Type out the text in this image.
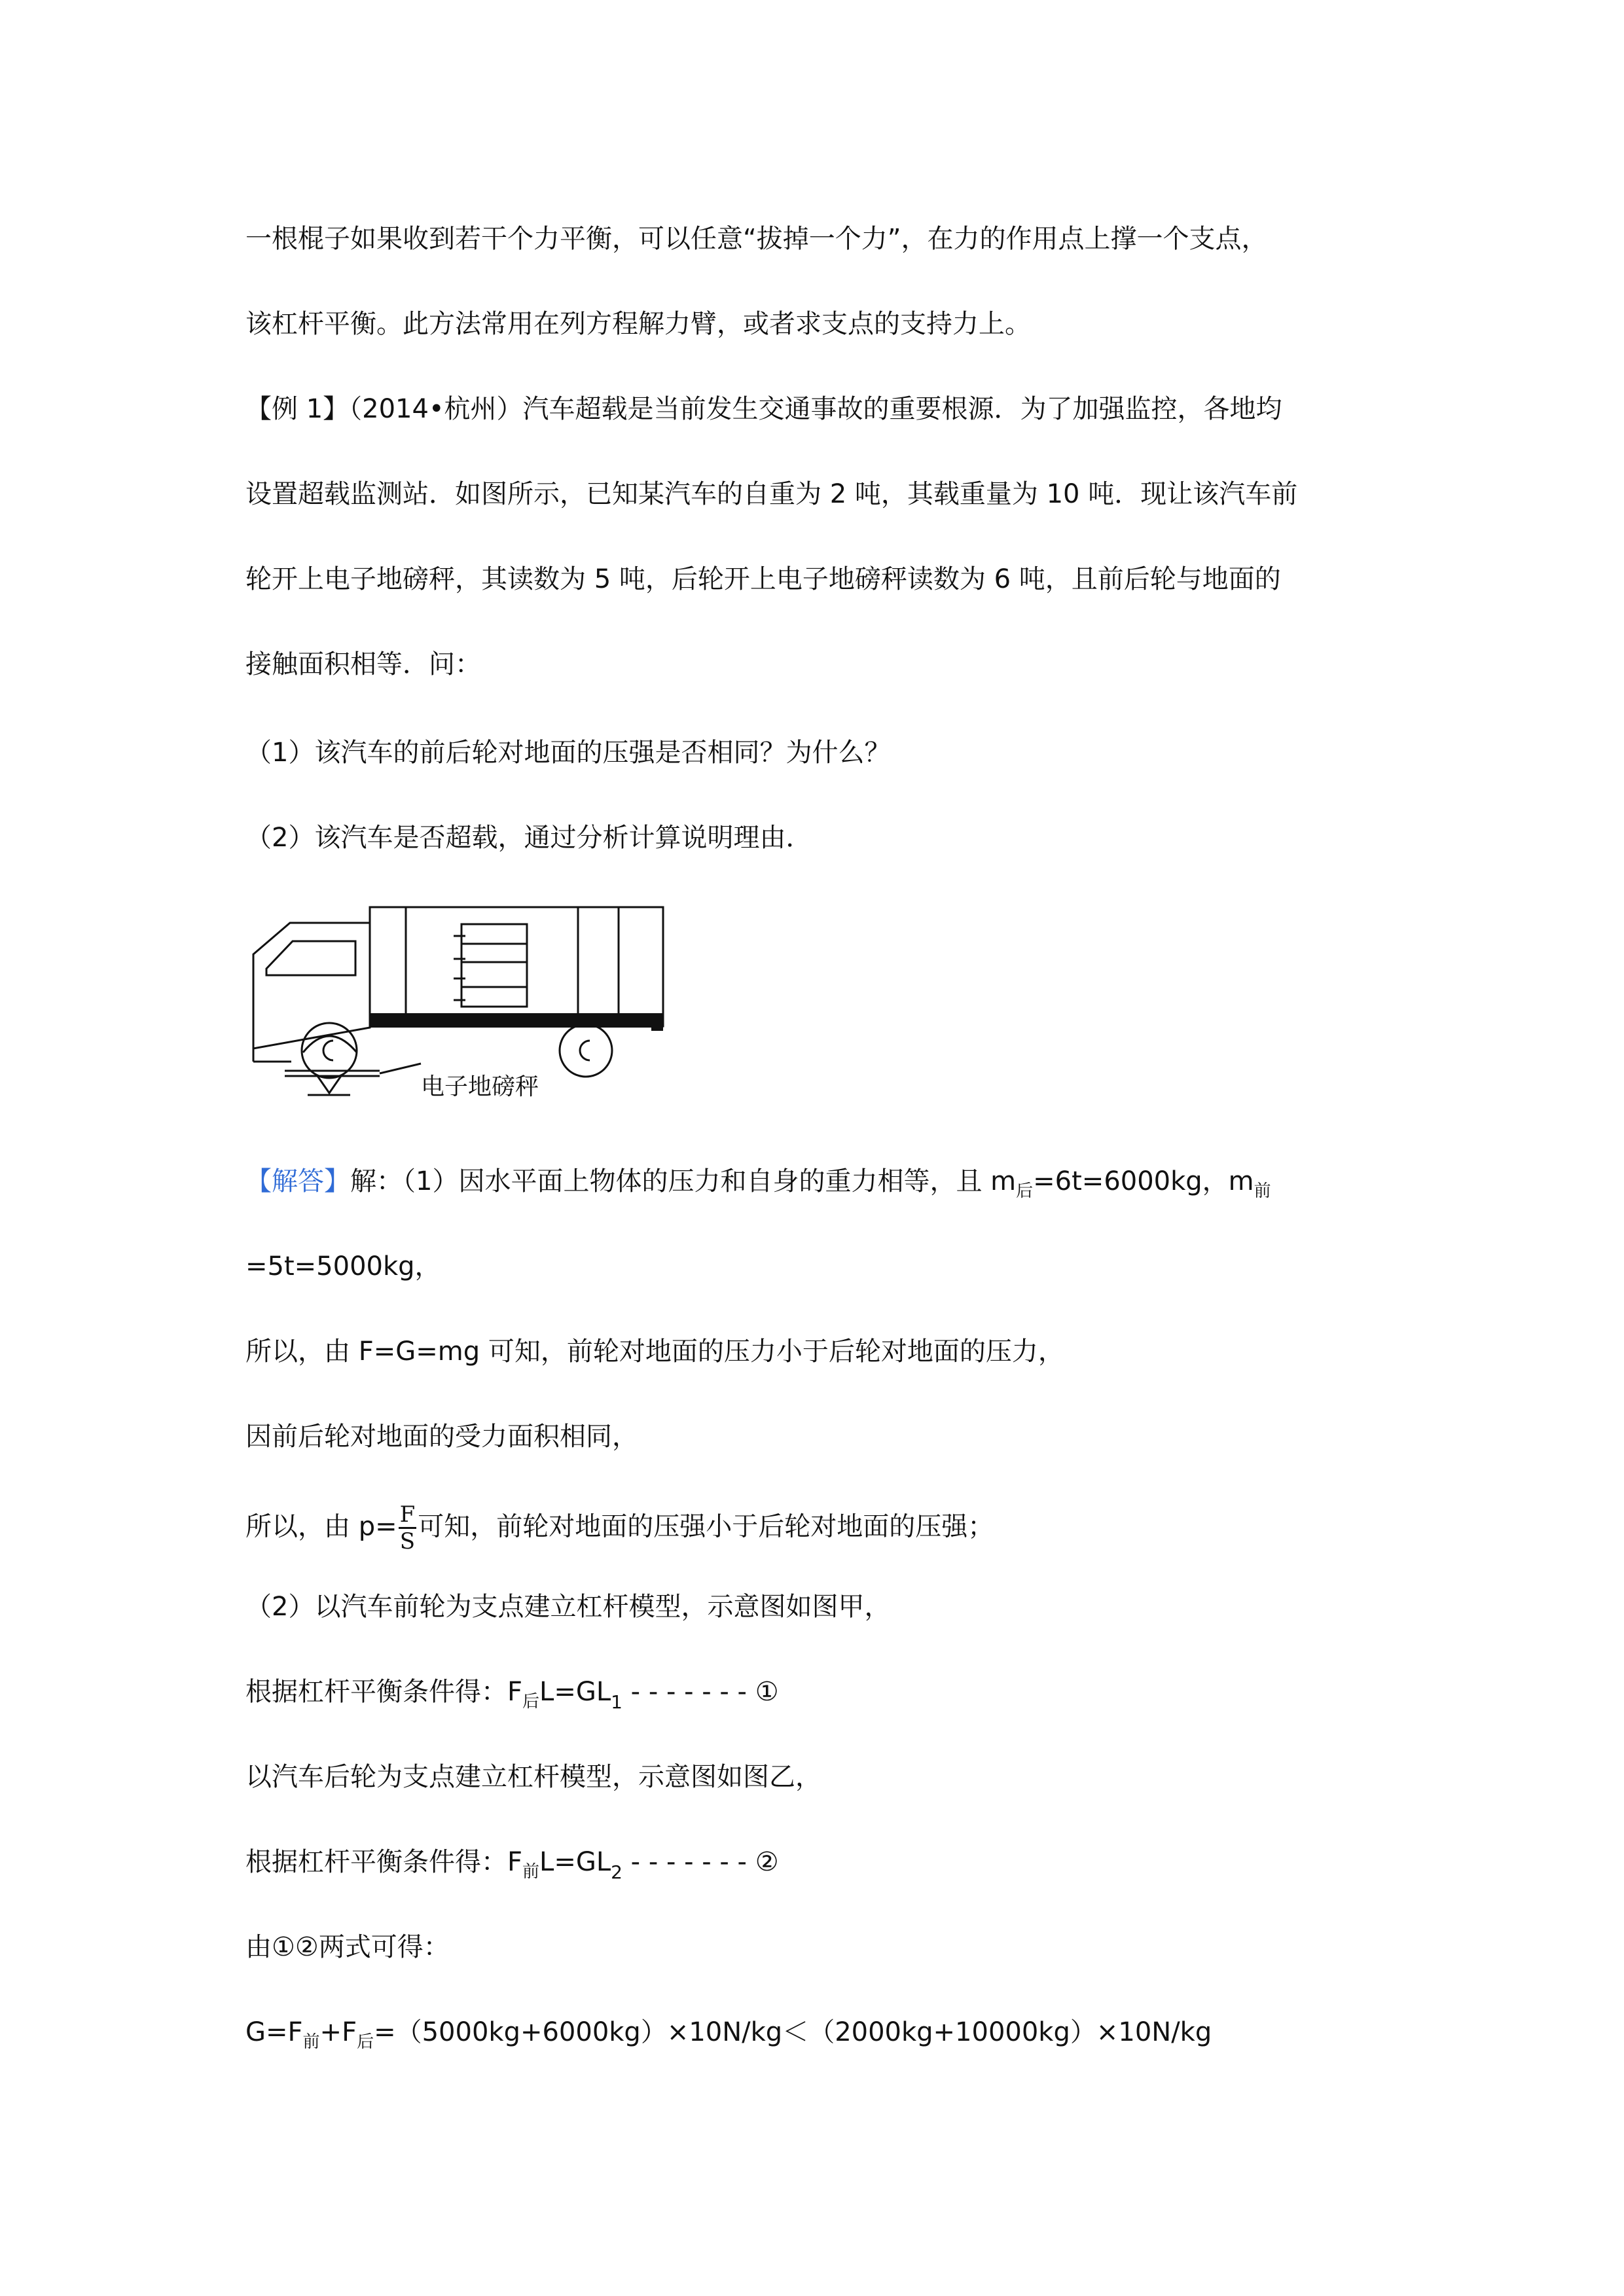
一根棍子如果收到若干个力平衡，可以任意“拔掉一个力”，在力的作用点上撑一个支点，
该杠杆平衡。此方法常用在列方程解力臂，或者求支点的支持力上。
【例 1】（2014•杭州）汽车超载是当前发生交通事故的重要根源．为了加强监控，各地均
设置超载监测站．如图所示，已知某汽车的自重为 2 吨，其载重量为 10 吨．现让该汽车前
轮开上电子地磅秤，其读数为 5 吨，后轮开上电子地磅秤读数为 6 吨，且前后轮与地面的
接触面积相等．问：
（1）该汽车的前后轮对地面的压强是否相同？为什么？
（2）该汽车是否超载，通过分析计算说明理由．
电子地磅秤
【解答】解：（1）因水平面上物体的压力和自身的重力相等，且 $m_后=6t=6000kg$，$m_前$
=5t=5000kg，
所以，由 F=G=mg 可知，前轮对地面的压力小于后轮对地面的压力，
因前后轮对地面的受力面积相同，
所以，由 $p= \frac{F}{S}$ 可知，前轮对地面的压强小于后轮对地面的压强；
（2）以汽车前轮为支点建立杠杆模型，示意图如图甲，
根据杠杆平衡条件得：$F_后L=GL_1$ - - - - - - - ①
以汽车后轮为支点建立杠杆模型，示意图如图乙，
根据杠杆平衡条件得：$F_前L=GL_2$ - - - - - - - ②
由①②两式可得：
$G=F_前+F_后=(5000kg+6000kg)\times 10N/kg<(2000kg+10000kg)\times 10N/kg$
